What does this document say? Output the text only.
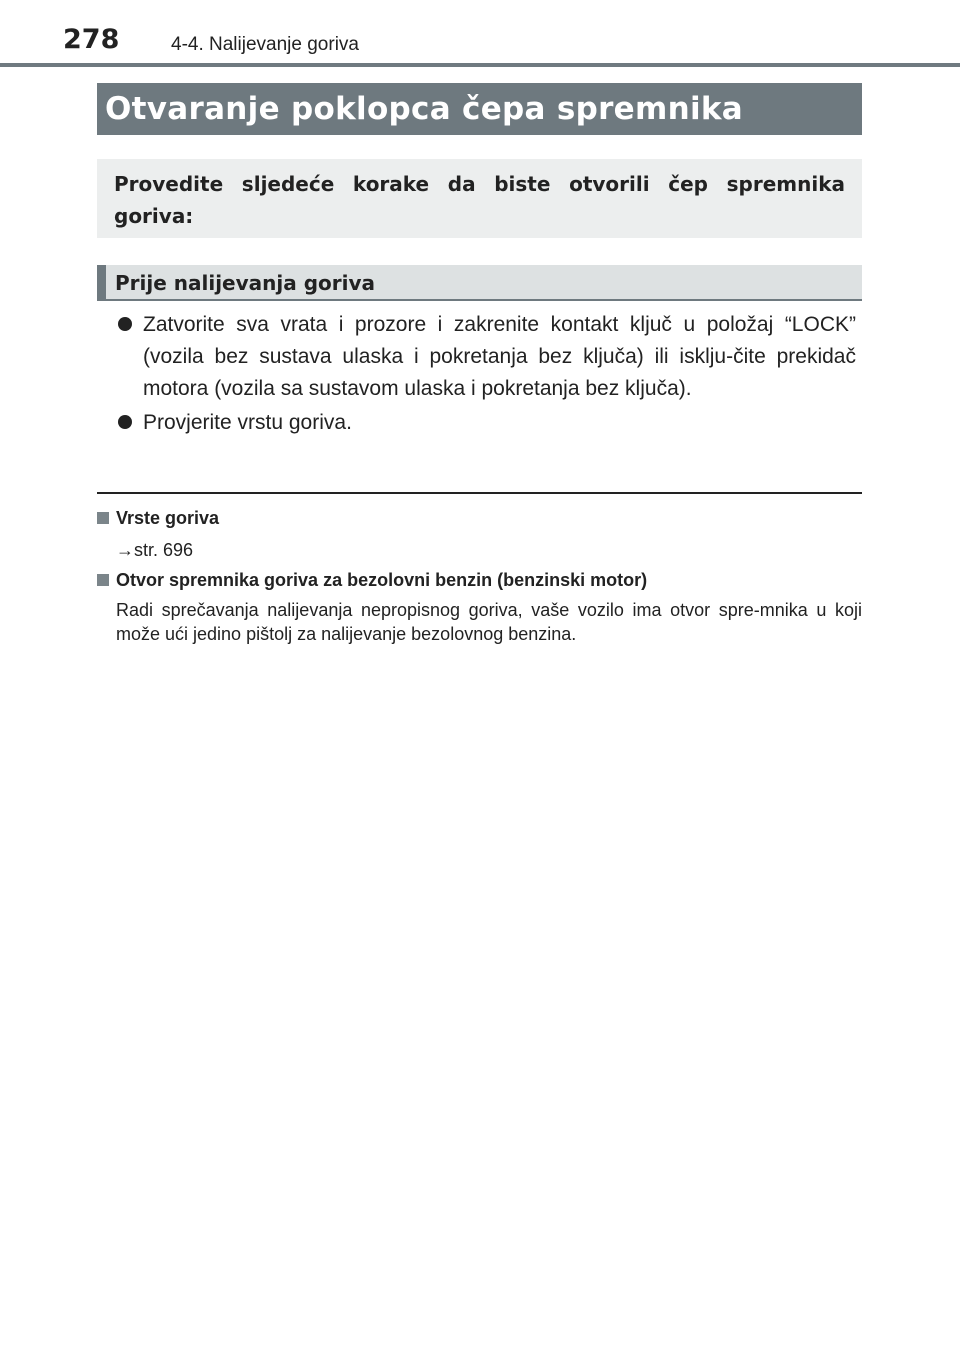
278	4-4. Nalijevanje goriva
Otvaranje poklopca čepa spremnika
Provedite sljedeće korake da biste otvorili čep spremnika goriva:
Prije nalijevanja goriva
Zatvorite sva vrata i prozore i zakrenite kontakt ključ u položaj “LOCK” (vozila bez sustava ulaska i pokretanja bez ključa) ili isklju-čite prekidač motora (vozila sa sustavom ulaska i pokretanja bez ključa).
Provjerite vrstu goriva.
Vrste goriva
→str. 696
Otvor spremnika goriva za bezolovni benzin (benzinski motor)
Radi sprečavanja nalijevanja nepropisnog goriva, vaše vozilo ima otvor spre-mnika u koji može ući jedino pištolj za nalijevanje bezolovnog benzina.
